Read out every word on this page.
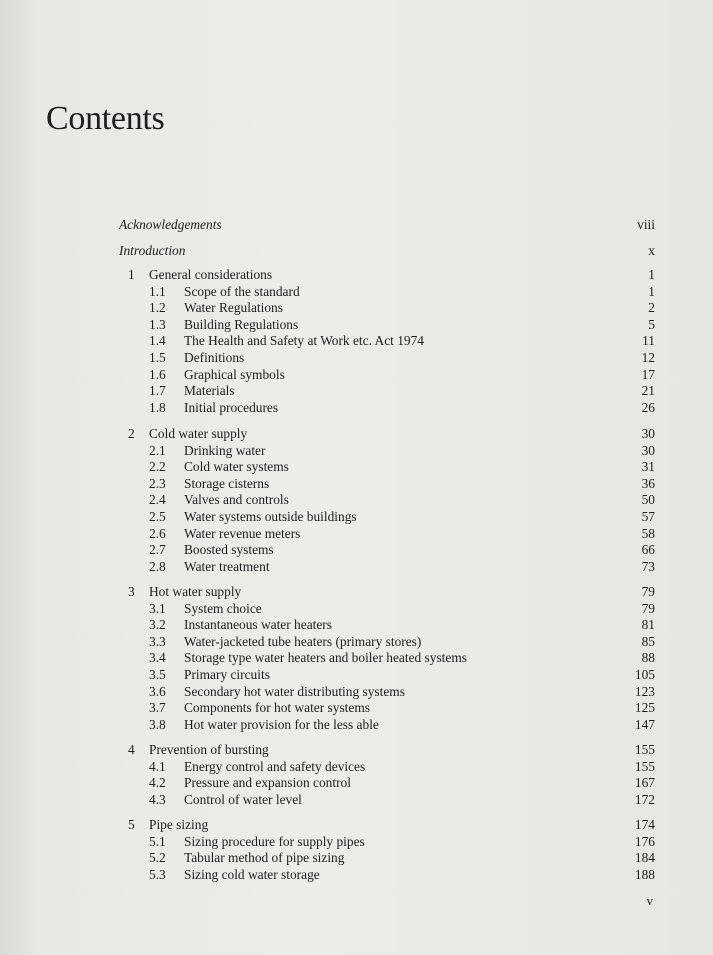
Contents
Acknowledgements	viii
Introduction	x
1 General considerations	1
1.1 Scope of the standard	1
1.2 Water Regulations	2
1.3 Building Regulations	5
1.4 The Health and Safety at Work etc. Act 1974	11
1.5 Definitions	12
1.6 Graphical symbols	17
1.7 Materials	21
1.8 Initial procedures	26
2 Cold water supply	30
2.1 Drinking water	30
2.2 Cold water systems	31
2.3 Storage cisterns	36
2.4 Valves and controls	50
2.5 Water systems outside buildings	57
2.6 Water revenue meters	58
2.7 Boosted systems	66
2.8 Water treatment	73
3 Hot water supply	79
3.1 System choice	79
3.2 Instantaneous water heaters	81
3.3 Water-jacketed tube heaters (primary stores)	85
3.4 Storage type water heaters and boiler heated systems	88
3.5 Primary circuits	105
3.6 Secondary hot water distributing systems	123
3.7 Components for hot water systems	125
3.8 Hot water provision for the less able	147
4 Prevention of bursting	155
4.1 Energy control and safety devices	155
4.2 Pressure and expansion control	167
4.3 Control of water level	172
5 Pipe sizing	174
5.1 Sizing procedure for supply pipes	176
5.2 Tabular method of pipe sizing	184
5.3 Sizing cold water storage	188
v
